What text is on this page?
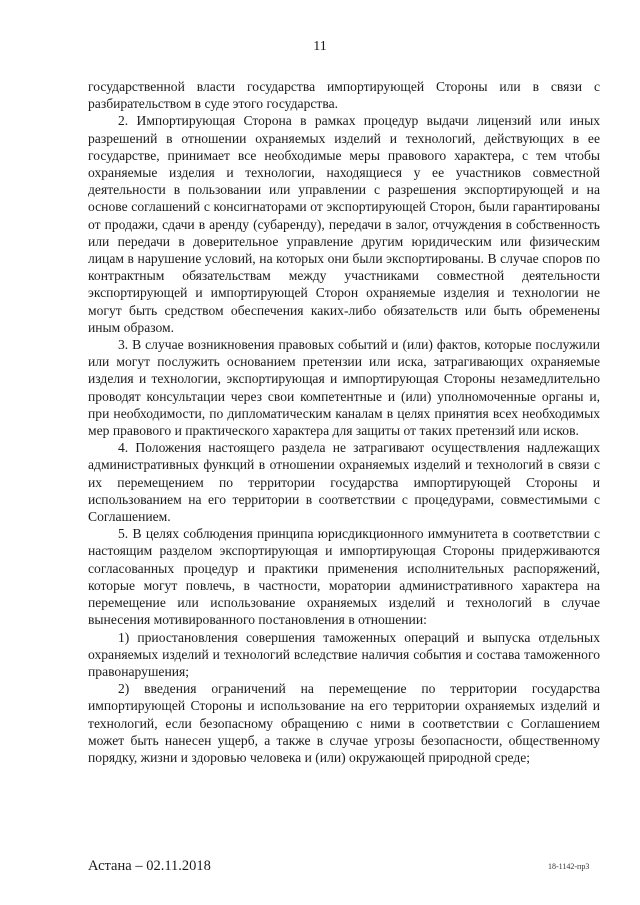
11

государственной власти государства импортирующей Стороны или в связи с разбирательством в суде этого государства.

2. Импортирующая Сторона в рамках процедур выдачи лицензий или иных разрешений в отношении охраняемых изделий и технологий, действующих в ее государстве, принимает все необходимые меры правового характера, с тем чтобы охраняемые изделия и технологии, находящиеся у ее участников совместной деятельности в пользовании или управлении с разрешения экспортирующей и на основе соглашений с консигнаторами от экспортирующей Сторон, были гарантированы от продажи, сдачи в аренду (субаренду), передачи в залог, отчуждения в собственность или передачи в доверительное управление другим юридическим или физическим лицам в нарушение условий, на которых они были экспортированы. В случае споров по контрактным обязательствам между участниками совместной деятельности экспортирующей и импортирующей Сторон охраняемые изделия и технологии не могут быть средством обеспечения каких-либо обязательств или быть обременены иным образом.

3. В случае возникновения правовых событий и (или) фактов, которые послужили или могут послужить основанием претензии или иска, затрагивающих охраняемые изделия и технологии, экспортирующая и импортирующая Стороны незамедлительно проводят консультации через свои компетентные и (или) уполномоченные органы и, при необходимости, по дипломатическим каналам в целях принятия всех необходимых мер правового и практического характера для защиты от таких претензий или исков.

4. Положения настоящего раздела не затрагивают осуществления надлежащих административных функций в отношении охраняемых изделий и технологий в связи с их перемещением по территории государства импортирующей Стороны и использованием на его территории в соответствии с процедурами, совместимыми с Соглашением.

5. В целях соблюдения принципа юрисдикционного иммунитета в соответствии с настоящим разделом экспортирующая и импортирующая Стороны придерживаются согласованных процедур и практики применения исполнительных распоряжений, которые могут повлечь, в частности, моратории административного характера на перемещение или использование охраняемых изделий и технологий в случае вынесения мотивированного постановления в отношении:

1) приостановления совершения таможенных операций и выпуска отдельных охраняемых изделий и технологий вследствие наличия события и состава таможенного правонарушения;

2) введения ограничений на перемещение по территории государства импортирующей Стороны и использование на его территории охраняемых изделий и технологий, если безопасному обращению с ними в соответствии с Соглашением может быть нанесен ущерб, а также в случае угрозы безопасности, общественному порядку, жизни и здоровью человека и (или) окружающей природной среде;

Астана – 02.11.2018	18-1142-пр3
